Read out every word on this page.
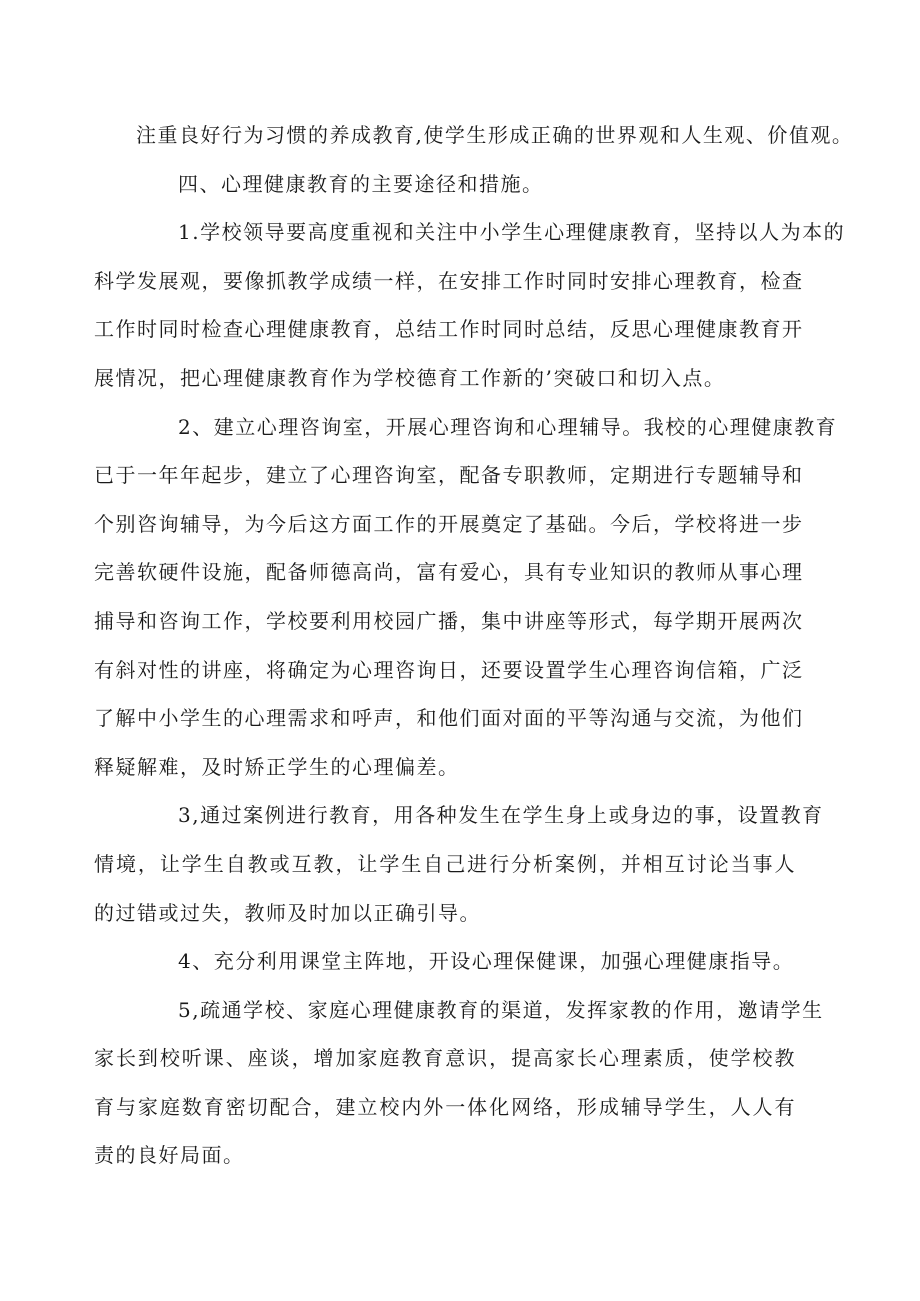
注重良好行为习惯的养成教育,使学生形成正确的世界观和人生观、价值观。

四、心理健康教育的主要途径和措施。

1.学校领导要高度重视和关注中小学生心理健康教育，坚持以人为本的
科学发展观，要像抓教学成绩一样，在安排工作时同时安排心理教育，检查
工作时同时检查心理健康教育，总结工作时同时总结，反思心理健康教育开
展情况，把心理健康教育作为学校德育工作新的’突破口和切入点。

2、建立心理咨询室，开展心理咨询和心理辅导。我校的心理健康教育
已于一年年起步，建立了心理咨询室，配备专职教师，定期进行专题辅导和
个别咨询辅导，为今后这方面工作的开展奠定了基础。今后，学校将进一步
完善软硬件设施，配备师德高尚，富有爱心，具有专业知识的教师从事心理
捕导和咨询工作，学校要利用校园广播，集中讲座等形式，每学期开展两次
有斜对性的讲座，将确定为心理咨询日，还要设置学生心理咨询信箱，广泛
了解中小学生的心理需求和呼声，和他们面对面的平等沟通与交流，为他们
释疑解难，及时矫正学生的心理偏差。

3,通过案例进行教育，用各种发生在学生身上或身边的事，设置教育
情境，让学生自教或互教，让学生自己进行分析案例，并相互讨论当事人
的过错或过失，教师及时加以正确引导。

4、充分利用课堂主阵地，开设心理保健课，加强心理健康指导。

5,疏通学校、家庭心理健康教育的渠道，发挥家教的作用，邀请学生
家长到校听课、座谈，增加家庭教育意识，提高家长心理素质，使学校教
育与家庭数育密切配合，建立校内外一体化网络，形成辅导学生，人人有
责的良好局面。
